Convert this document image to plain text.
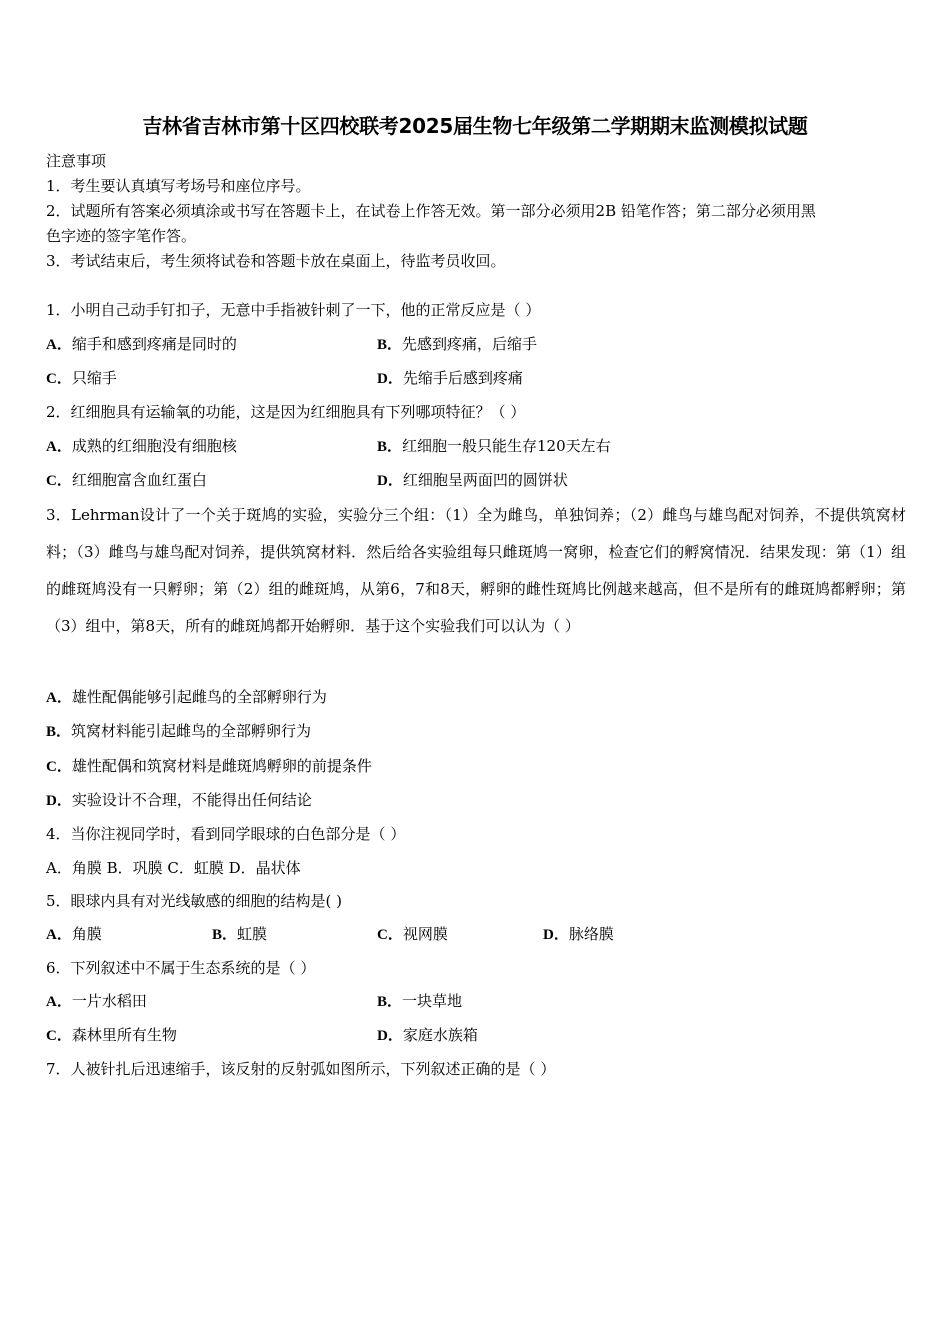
吉林省吉林市第十区四校联考2025届生物七年级第二学期期末监测模拟试题
注意事项
1．考生要认真填写考场号和座位序号。
2．试题所有答案必须填涂或书写在答题卡上，在试卷上作答无效。第一部分必须用2B 铅笔作答；第二部分必须用黑
色字迹的签字笔作答。
3．考试结束后，考生须将试卷和答题卡放在桌面上，待监考员收回。
1．小明自己动手钉扣子，无意中手指被针刺了一下，他的正常反应是（ ）
A．缩手和感到疼痛是同时的	B．先感到疼痛，后缩手
C．只缩手	D．先缩手后感到疼痛
2．红细胞具有运输氧的功能，这是因为红细胞具有下列哪项特征？（ ）
A．成熟的红细胞没有细胞核	B．红细胞一般只能生存120天左右
C．红细胞富含血红蛋白	D．红细胞呈两面凹的圆饼状
3．Lehrman设计了一个关于斑鸠的实验，实验分三个组：（1）全为雌鸟，单独饲养；（2）雌鸟与雄鸟配对饲养，不提供筑窝材料；（3）雌鸟与雄鸟配对饲养，提供筑窝材料．然后给各实验组每只雌斑鸠一窝卵，检查它们的孵窝情况．结果发现：第（1）组的雌斑鸠没有一只孵卵；第（2）组的雌斑鸠，从第6，7和8天，孵卵的雌性斑鸠比例越来越高，但不是所有的雌斑鸠都孵卵；第（3）组中，第8天，所有的雌斑鸠都开始孵卵．基于这个实验我们可以认为（ ）
A．雄性配偶能够引起雌鸟的全部孵卵行为
B．筑窝材料能引起雌鸟的全部孵卵行为
C．雄性配偶和筑窝材料是雌斑鸠孵卵的前提条件
D．实验设计不合理，不能得出任何结论
4．当你注视同学时，看到同学眼球的白色部分是（ ）
A．角膜 B．巩膜 C．虹膜 D．晶状体
5．眼球内具有对光线敏感的细胞的结构是( )
A．角膜	B．虹膜	C．视网膜	D．脉络膜
6．下列叙述中不属于生态系统的是（ ）
A．一片水稻田	B．一块草地
C．森林里所有生物	D．家庭水族箱
7．人被针扎后迅速缩手，该反射的反射弧如图所示，下列叙述正确的是（ ）
